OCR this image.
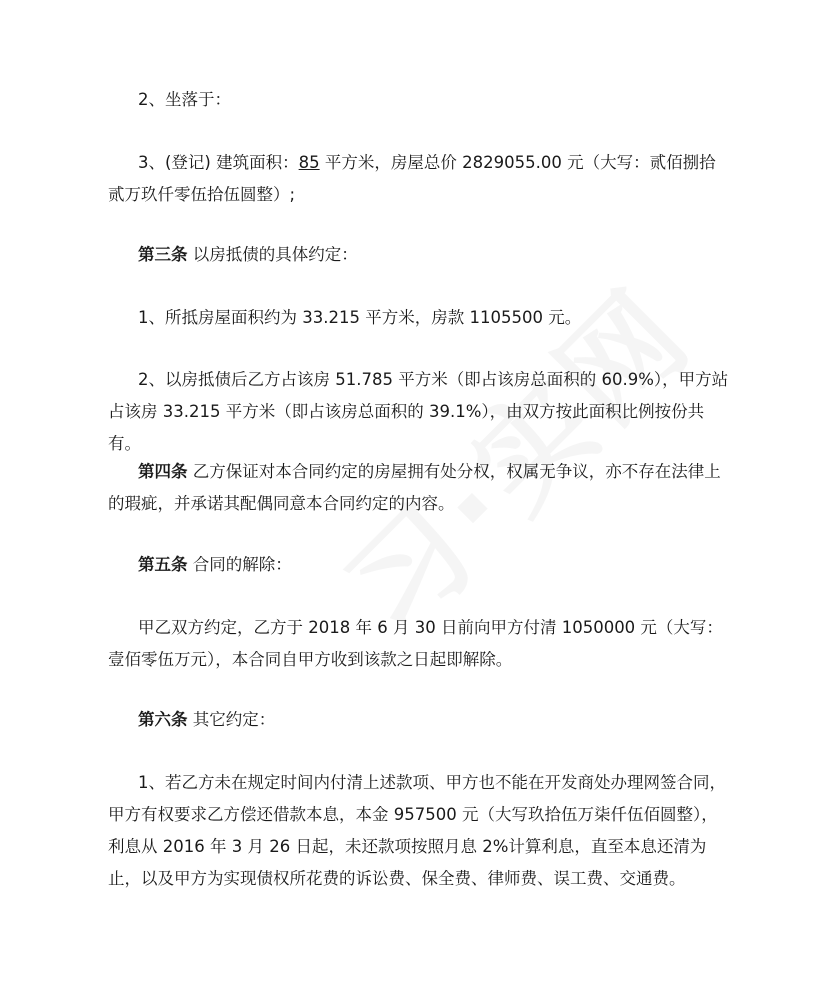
2、坐落于：

3、(登记) 建筑面积：85 平方米，房屋总价 2829055.00 元（大写：贰佰捌拾贰万玖仟零伍拾伍圆整）;

第三条 以房抵债的具体约定：

1、所抵房屋面积约为 33.215 平方米，房款 1105500 元。

2、以房抵债后乙方占该房 51.785 平方米（即占该房总面积的 60.9%），甲方站占该房 33.215 平方米（即占该房总面积的 39.1%），由双方按此面积比例按份共有。

第四条 乙方保证对本合同约定的房屋拥有处分权，权属无争议，亦不存在法律上的瑕疵，并承诺其配偶同意本合同约定的内容。

第五条 合同的解除：

甲乙双方约定，乙方于 2018 年 6 月 30 日前向甲方付清 1050000 元（大写：壹佰零伍万元），本合同自甲方收到该款之日起即解除。

第六条 其它约定：

1、若乙方未在规定时间内付清上述款项、甲方也不能在开发商处办理网签合同，甲方有权要求乙方偿还借款本息，本金 957500 元（大写玖拾伍万柒仟伍佰圆整），利息从 2016 年 3 月 26 日起，未还款项按照月息 2%计算利息，直至本息还清为止，以及甲方为实现债权所花费的诉讼费、保全费、律师费、误工费、交通费。
